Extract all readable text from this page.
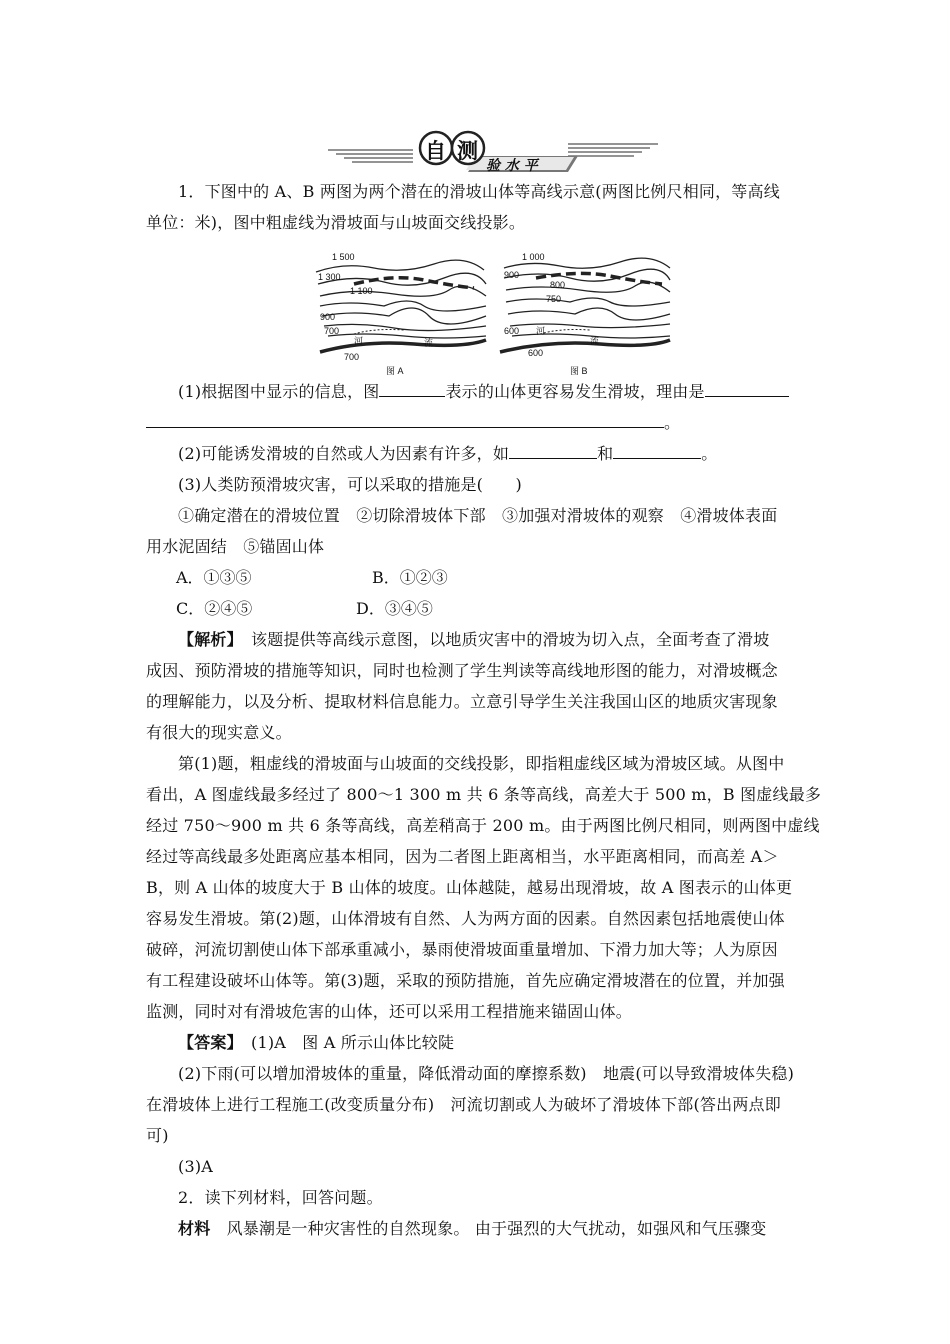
自 测
验 水 平
1．下图中的 A、B 两图为两个潜在的滑坡山体等高线示意(两图比例尺相同，等高线
单位：米)，图中粗虚线为滑坡面与山坡面交线投影。
1 500
1 300
1 100
900
700
700
河	流
图 A
1 000
900
800
750
600
600
河
流
图 B
(1)根据图中显示的信息，图	表示的山体更容易发生滑坡，理由是
。
(2)可能诱发滑坡的自然或人为因素有许多，如	和	。
(3)人类防预滑坡灾害，可以采取的措施是(　　)
①确定潜在的滑坡位置　②切除滑坡体下部　③加强对滑坡体的观察　④滑坡体表面
用水泥固结　⑤锚固山体
A．①③⑤	B．①②③
C．②④⑤	D．③④⑤
【解析】　该题提供等高线示意图，以地质灾害中的滑坡为切入点，全面考查了滑坡
成因、预防滑坡的措施等知识，同时也检测了学生判读等高线地形图的能力，对滑坡概念
的理解能力，以及分析、提取材料信息能力。立意引导学生关注我国山区的地质灾害现象
有很大的现实意义。
第(1)题，粗虚线的滑坡面与山坡面的交线投影，即指粗虚线区域为滑坡区域。从图中
看出，A 图虚线最多经过了 800～1 300 m 共 6 条等高线，高差大于 500 m，B 图虚线最多
经过 750～900 m 共 6 条等高线，高差稍高于 200 m。由于两图比例尺相同，则两图中虚线
经过等高线最多处距离应基本相同，因为二者图上距离相当，水平距离相同，而高差 A＞
B，则 A 山体的坡度大于 B 山体的坡度。山体越陡，越易出现滑坡，故 A 图表示的山体更
容易发生滑坡。第(2)题，山体滑坡有自然、人为两方面的因素。自然因素包括地震使山体
破碎，河流切割使山体下部承重减小，暴雨使滑坡面重量增加、下滑力加大等；人为原因
有工程建设破坏山体等。第(3)题，采取的预防措施，首先应确定滑坡潜在的位置，并加强
监测，同时对有滑坡危害的山体，还可以采用工程措施来锚固山体。
【答案】　(1)A　图 A 所示山体比较陡
(2)下雨(可以增加滑坡体的重量，降低滑动面的摩擦系数)　地震(可以导致滑坡体失稳)
在滑坡体上进行工程施工(改变质量分布)　河流切割或人为破坏了滑坡体下部(答出两点即
可)
(3)A
2．读下列材料，回答问题。
材料　风暴潮是一种灾害性的自然现象。 由于强烈的大气扰动，如强风和气压骤变
